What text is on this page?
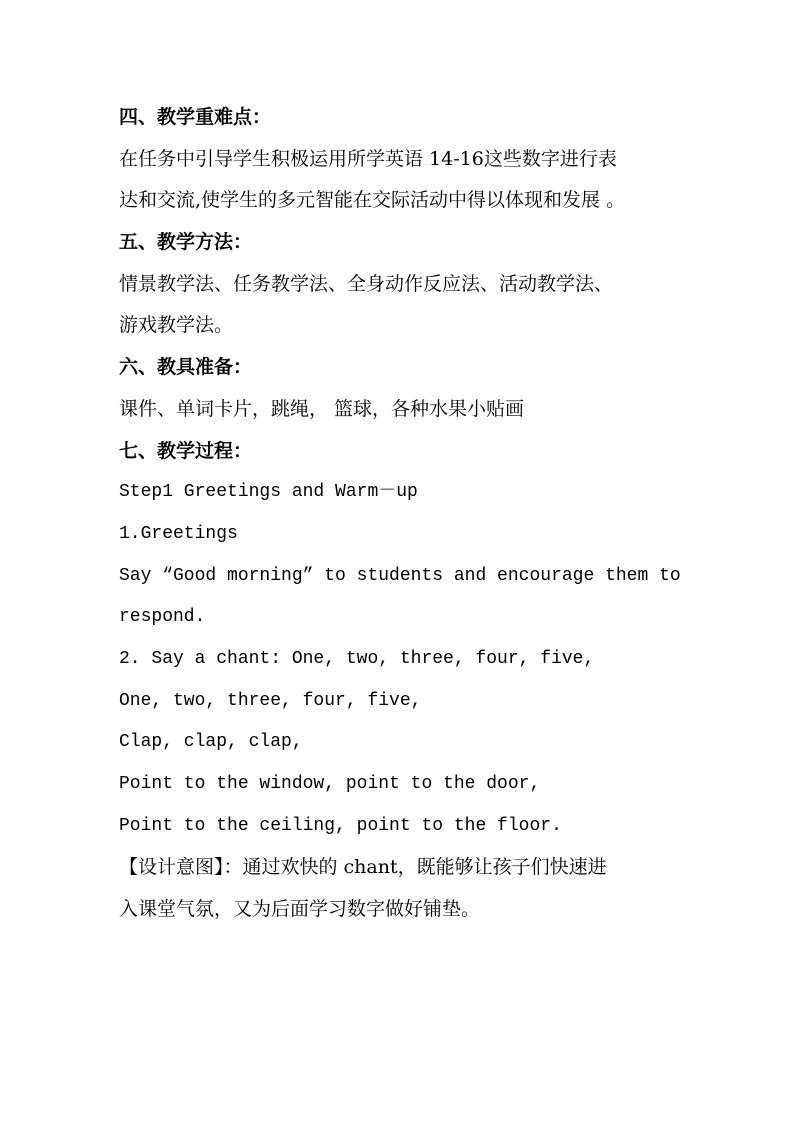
四、教学重难点：
在任务中引导学生积极运用所学英语 14-16这些数字进行表
达和交流,使学生的多元智能在交际活动中得以体现和发展 。
五、教学方法：
情景教学法、任务教学法、全身动作反应法、活动教学法、
游戏教学法。
六、教具准备：
课件、单词卡片，跳绳， 篮球，各种水果小贴画
七、教学过程：
Step1 Greetings and Warm－up
1.Greetings
Say “Good morning” to students and encourage them to
respond.
2. Say a chant: One, two, three, four, five,
One, two, three, four, five,
Clap, clap, clap,
Point to the window, point to the door,
Point to the ceiling, point to the floor.
【设计意图】：通过欢快的 chant，既能够让孩子们快速进
入课堂气氛，又为后面学习数字做好铺垫。
